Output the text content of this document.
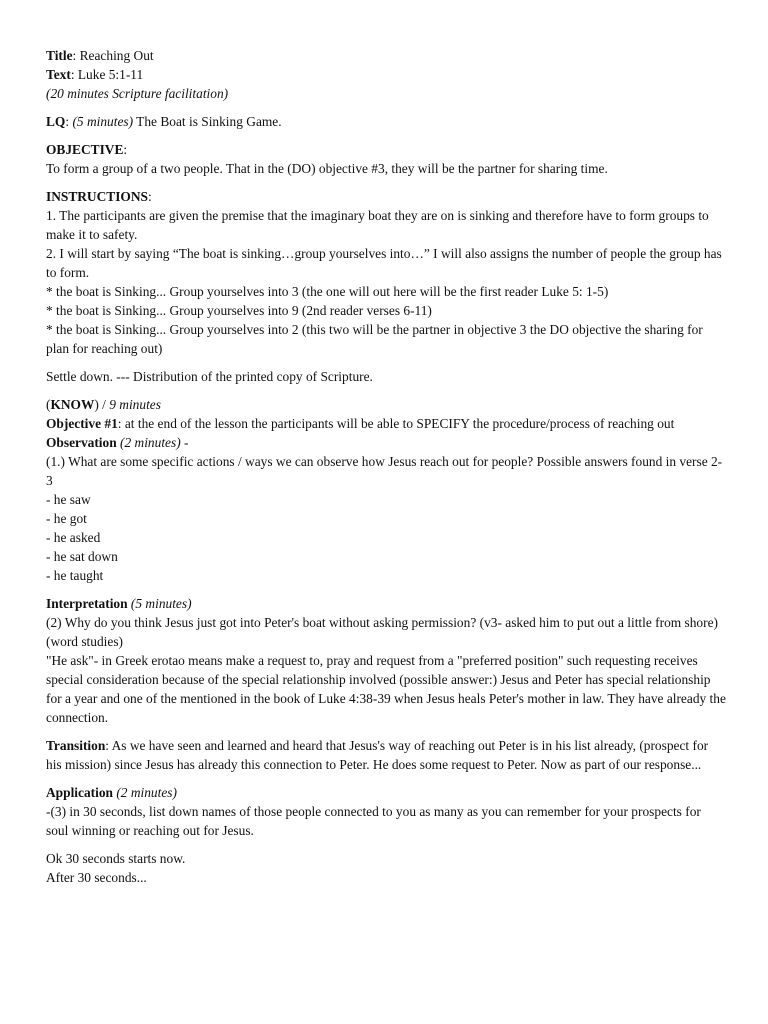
Title: Reaching Out

Text: Luke 5:1-11

(20 minutes Scripture facilitation)

LQ: (5 minutes) The Boat is Sinking Game.

OBJECTIVE:

To form a group of a two people. That in the (DO) objective #3, they will be the partner for sharing time.

INSTRUCTIONS:

1. The participants are given the premise that the imaginary boat they are on is sinking and therefore have to form groups to make it to safety.

2. I will start by saying “The boat is sinking…group yourselves into…” I will also assigns the number of people the group has to form.

* the boat is Sinking... Group yourselves into 3 (the one will out here will be the first reader Luke 5: 1-5)

* the boat is Sinking... Group yourselves into 9 (2nd reader verses 6-11)

* the boat is Sinking... Group yourselves into 2 (this two will be the partner in objective 3 the DO objective the sharing for plan for reaching out)

Settle down. --- Distribution of the printed copy of Scripture.

(KNOW) / 9 minutes

Objective #1: at the end of the lesson the participants will be able to SPECIFY the procedure/process of reaching out

Observation (2 minutes) -

(1.) What are some specific actions / ways we can observe how Jesus reach out for people? Possible answers found in verse 2-3

- he saw

- he got

- he asked

- he sat down

- he taught

Interpretation (5 minutes)

(2) Why do you think Jesus just got into Peter's boat without asking permission? (v3- asked him to put out a little from shore)

(word studies)

"He ask"- in Greek erotao means make a request to, pray and request from a "preferred position" such requesting receives special consideration because of the special relationship involved (possible answer:) Jesus and Peter has special relationship for a year and one of the mentioned in the book of Luke 4:38-39 when Jesus heals Peter's mother in law. They have already the connection.

Transition: As we have seen and learned and heard that Jesus's way of reaching out Peter is in his list already, (prospect for his mission) since Jesus has already this connection to Peter. He does some request to Peter. Now as part of our response...

Application (2 minutes)

-(3) in 30 seconds, list down names of those people connected to you as many as you can remember for your prospects for soul winning or reaching out for Jesus.

Ok 30 seconds starts now.

After 30 seconds...
